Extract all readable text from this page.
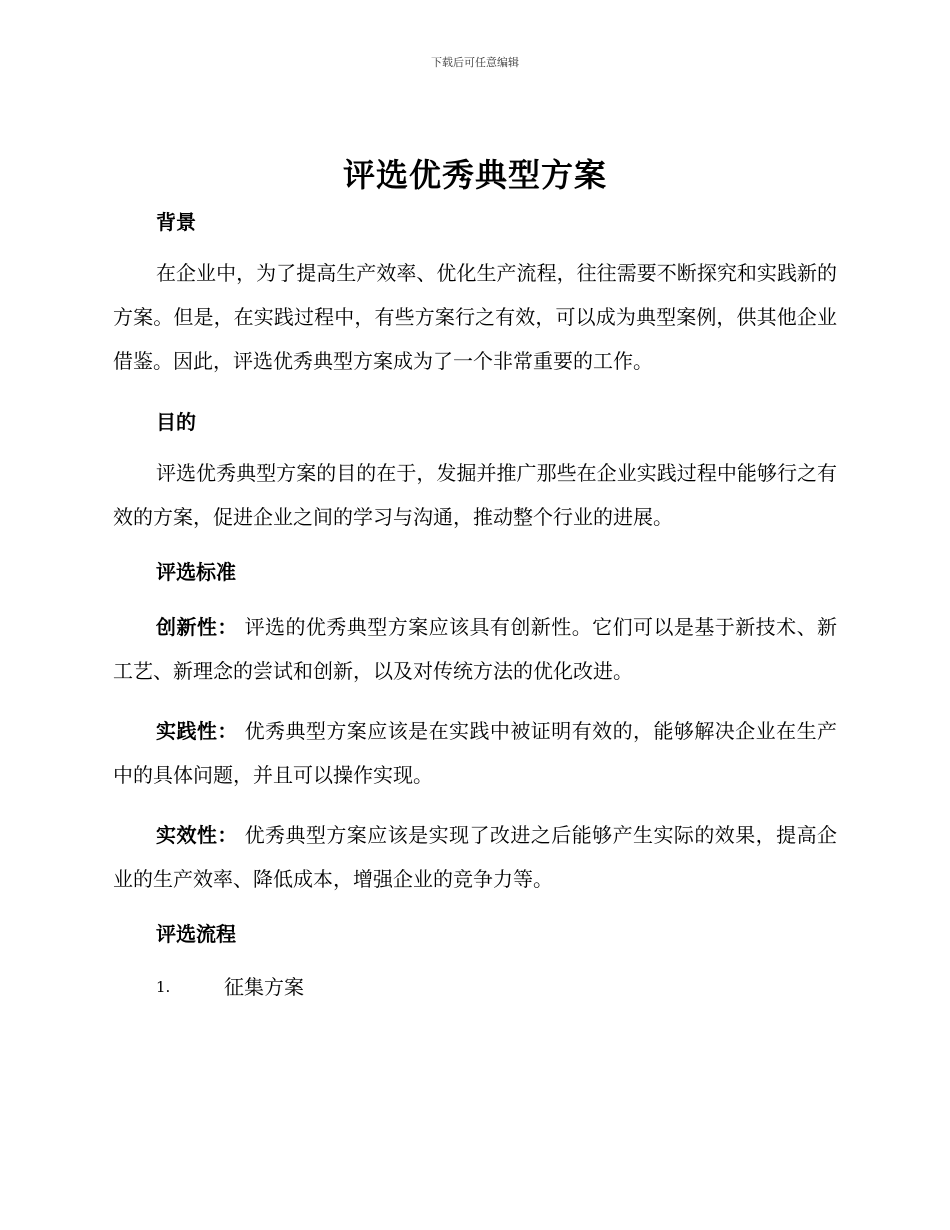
下载后可任意编辑
评选优秀典型方案
背景

在企业中，为了提高生产效率、优化生产流程，往往需要不断探究和实践新的方案。但是，在实践过程中，有些方案行之有效，可以成为典型案例，供其他企业借鉴。因此，评选优秀典型方案成为了一个非常重要的工作。

目的

评选优秀典型方案的目的在于，发掘并推广那些在企业实践过程中能够行之有效的方案，促进企业之间的学习与沟通，推动整个行业的进展。

评选标准

创新性： 评选的优秀典型方案应该具有创新性。它们可以是基于新技术、新工艺、新理念的尝试和创新，以及对传统方法的优化改进。

实践性： 优秀典型方案应该是在实践中被证明有效的，能够解决企业在生产中的具体问题，并且可以操作实现。

实效性： 优秀典型方案应该是实现了改进之后能够产生实际的效果，提高企业的生产效率、降低成本，增强企业的竞争力等。

评选流程
1.	征集方案
